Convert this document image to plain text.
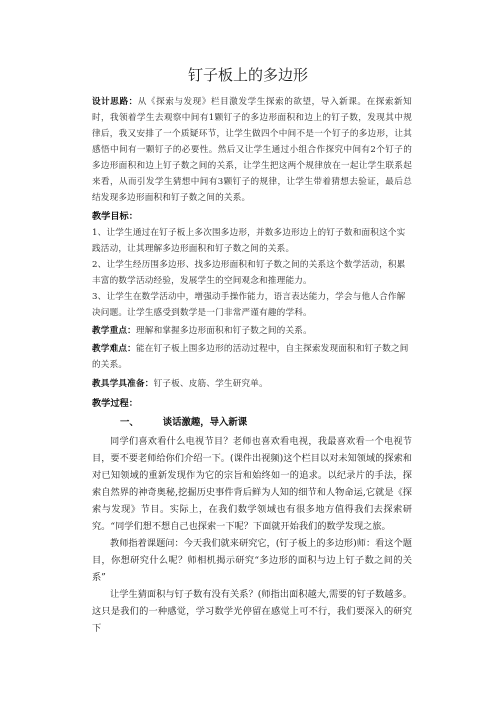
钉子板上的多边形

设计思路：从《探索与发现》栏目激发学生探索的欲望，导入新课。在探索新知时，我领着学生去观察中间有1颗钉子的多边形面积和边上的钉子数，发现其中规律后，我又安排了一个质疑环节，让学生做四个中间不是一个钉子的多边形，让其感悟中间有一颗钉子的必要性。然后又让学生通过小组合作探究中间有2个钉子的多边形面积和边上钉子数之间的关系，让学生把这两个规律放在一起让学生联系起来看，从而引发学生猜想中间有3颗钉子的规律，让学生带着猜想去验证，最后总结发现多边形面积和钉子数之间的关系。

教学目标：

1、让学生通过在钉子板上多次围多边形，并数多边形边上的钉子数和面积这个实践活动，让其理解多边形面积和钉子数之间的关系。

2、让学生经历围多边形、找多边形面积和钉子数之间的关系这个数学活动，积累丰富的数学活动经验，发展学生的空间观念和推理能力。

3、让学生在数学活动中，增强动手操作能力，语言表达能力，学会与他人合作解决问题。让学生感受到数学是一门非常严谨有趣的学科。

教学重点：理解和掌握多边形面积和钉子数之间的关系。

教学难点：能在钉子板上围多边形的活动过程中，自主探索发现面积和钉子数之间的关系。

教具学具准备：钉子板、皮筋、学生研究单。

教学过程：

一、	谈话激趣，导入新课

同学们喜欢看什么电视节目？老师也喜欢看电视，我最喜欢看一个电视节目，要不要老师给你们介绍一下。(课件出视频)这个栏目以对未知领域的探索和对已知领域的重新发现作为它的宗旨和始终如一的追求。以纪录片的手法，探索自然界的神奇奥秘,挖掘历史事件背后鲜为人知的细节和人物命运,它就是《探索与发现》节目。实际上，在我们数学领域也有很多地方值得我们去探索研究。“同学们想不想自己也探索一下呢？下面就开始我们的数学发现之旅。

教师指着课题问：今天我们就来研究它，(钉子板上的多边形)师：看这个题目，你想研究什么呢？师相机揭示研究“多边形的面积与边上钉子数之间的关系”

让学生猜面积与钉子数有没有关系？(师指出面积越大,需要的钉子数越多。这只是我们的一种感觉，学习数学光停留在感觉上可不行，我们要深入的研究下
